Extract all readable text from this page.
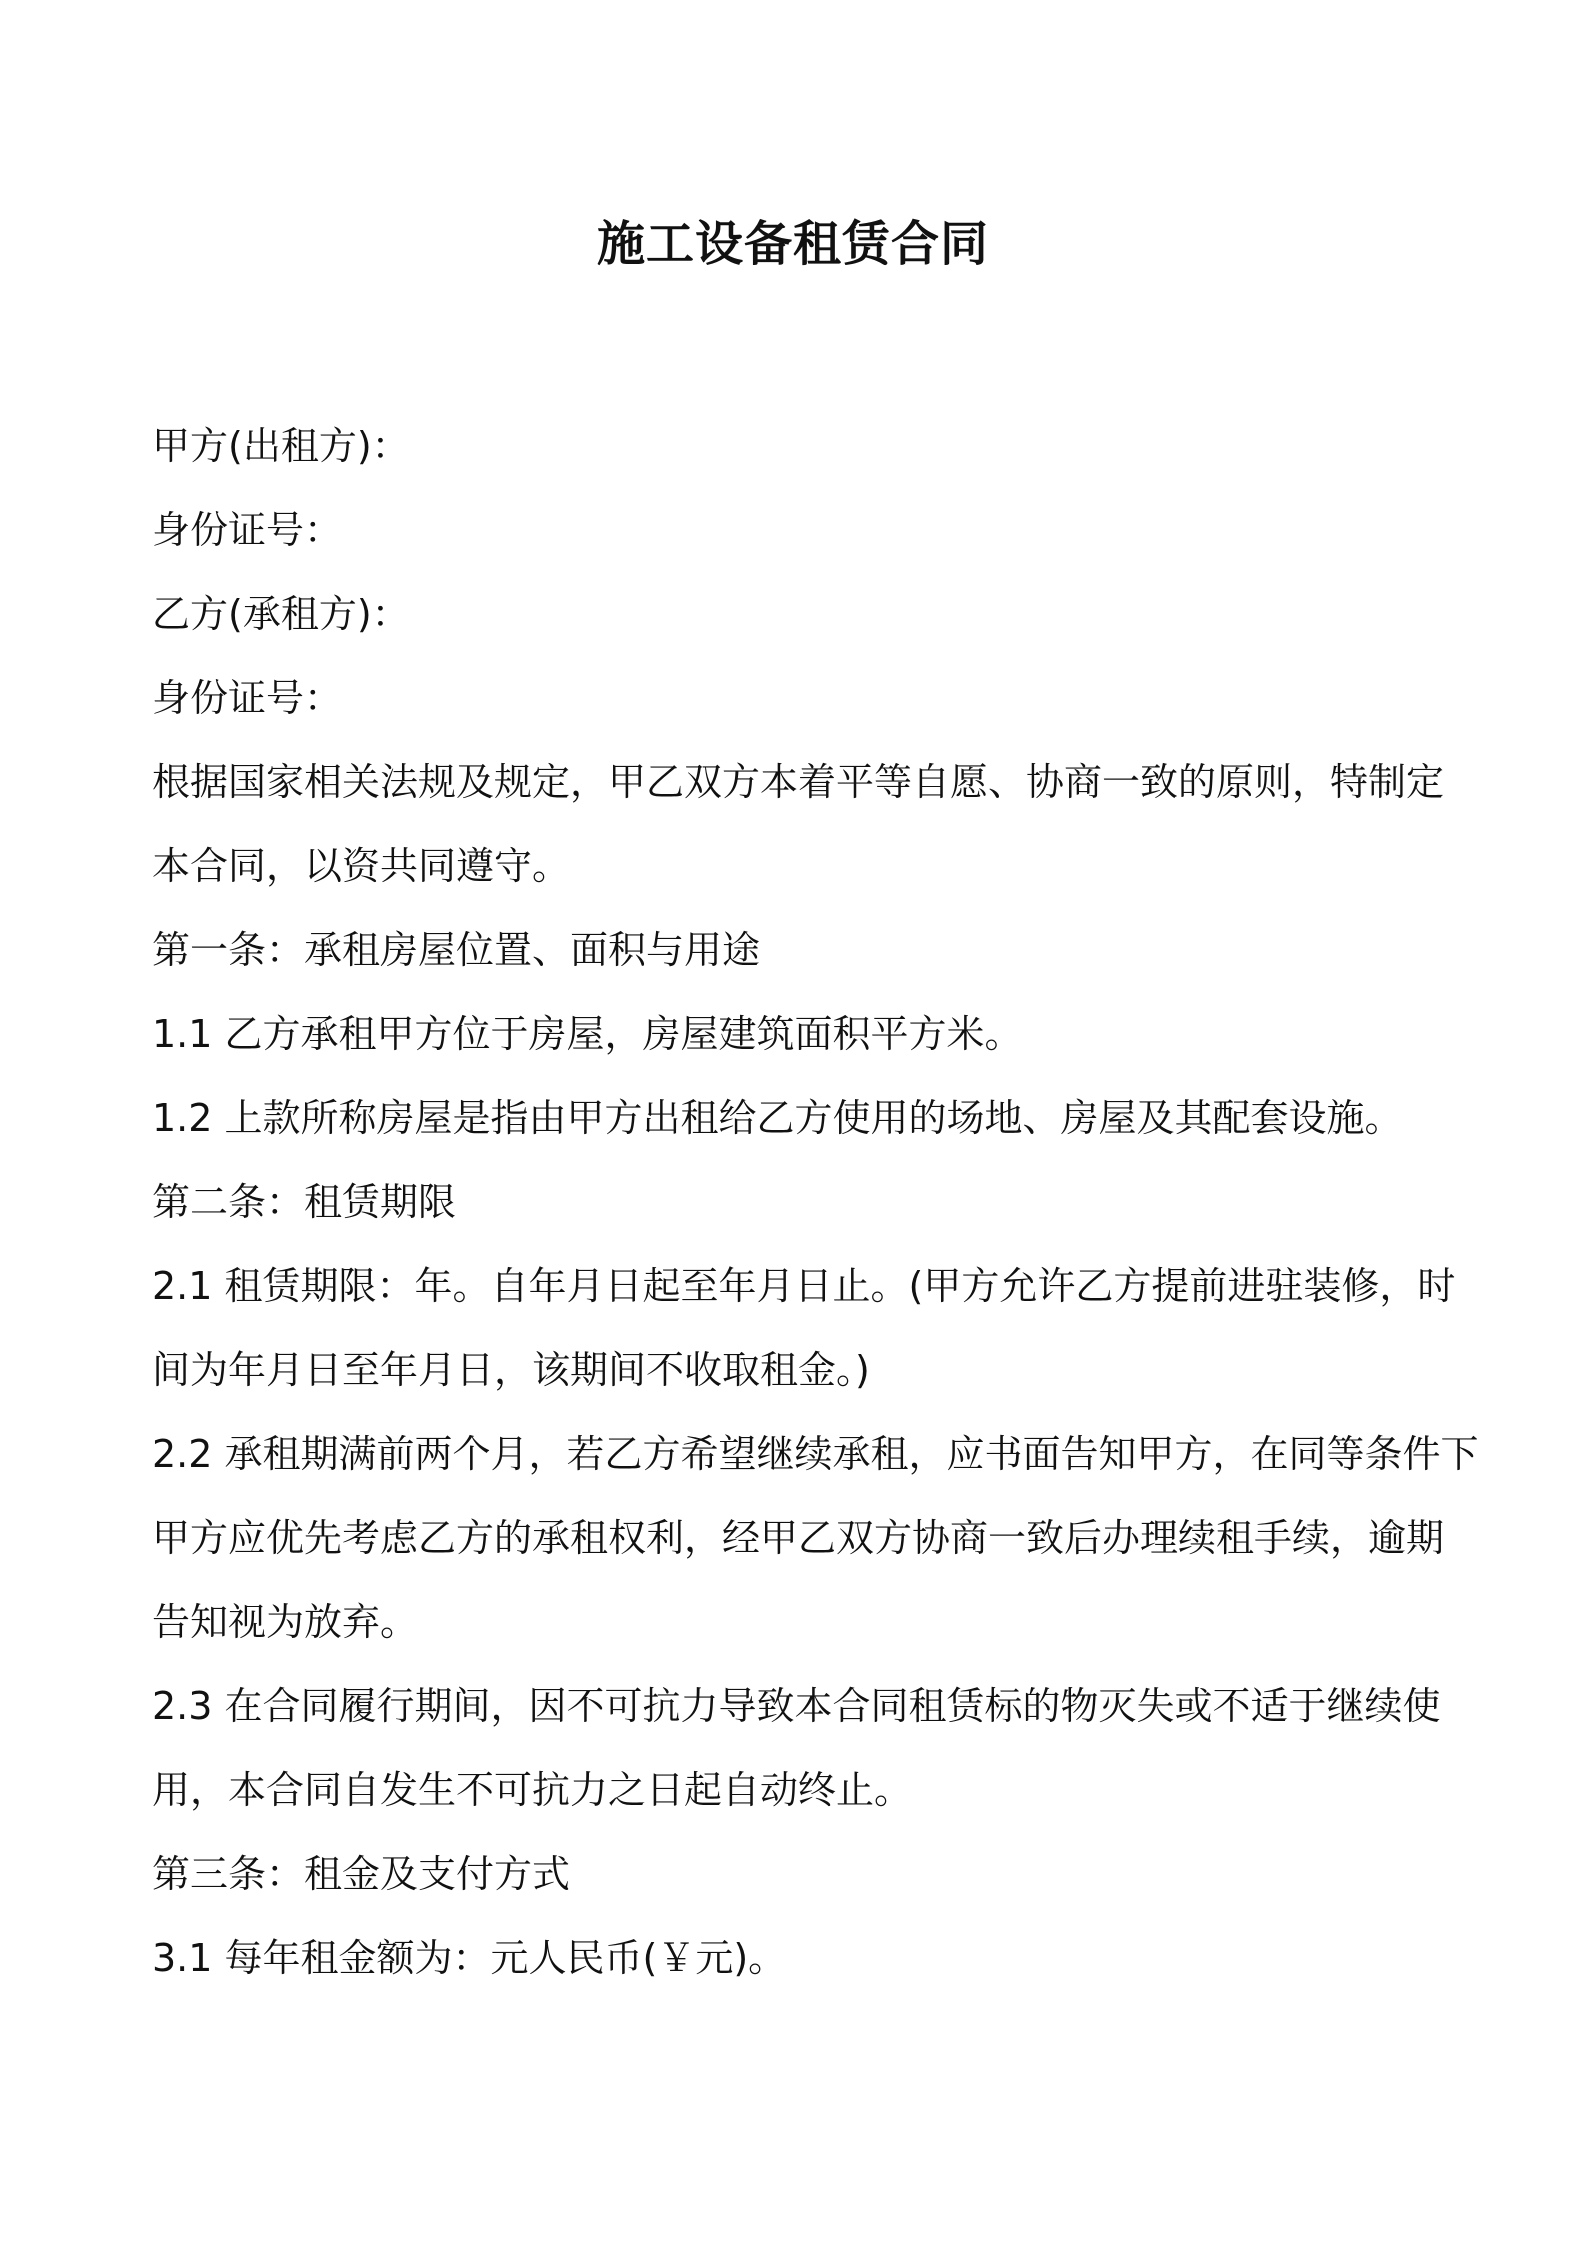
施工设备租赁合同
甲方(出租方)：
身份证号：
乙方(承租方)：
身份证号：
根据国家相关法规及规定，甲乙双方本着平等自愿、协商一致的原则，特制定
本合同，以资共同遵守。
第一条：承租房屋位置、面积与用途
1.1 乙方承租甲方位于房屋，房屋建筑面积平方米。
1.2 上款所称房屋是指由甲方出租给乙方使用的场地、房屋及其配套设施。
第二条：租赁期限
2.1 租赁期限：年。自年月日起至年月日止。(甲方允许乙方提前进驻装修，时
间为年月日至年月日，该期间不收取租金。)
2.2 承租期满前两个月，若乙方希望继续承租，应书面告知甲方，在同等条件下
甲方应优先考虑乙方的承租权利，经甲乙双方协商一致后办理续租手续，逾期
告知视为放弃。
2.3 在合同履行期间，因不可抗力导致本合同租赁标的物灭失或不适于继续使
用，本合同自发生不可抗力之日起自动终止。
第三条：租金及支付方式
3.1 每年租金额为：元人民币(￥元)。
